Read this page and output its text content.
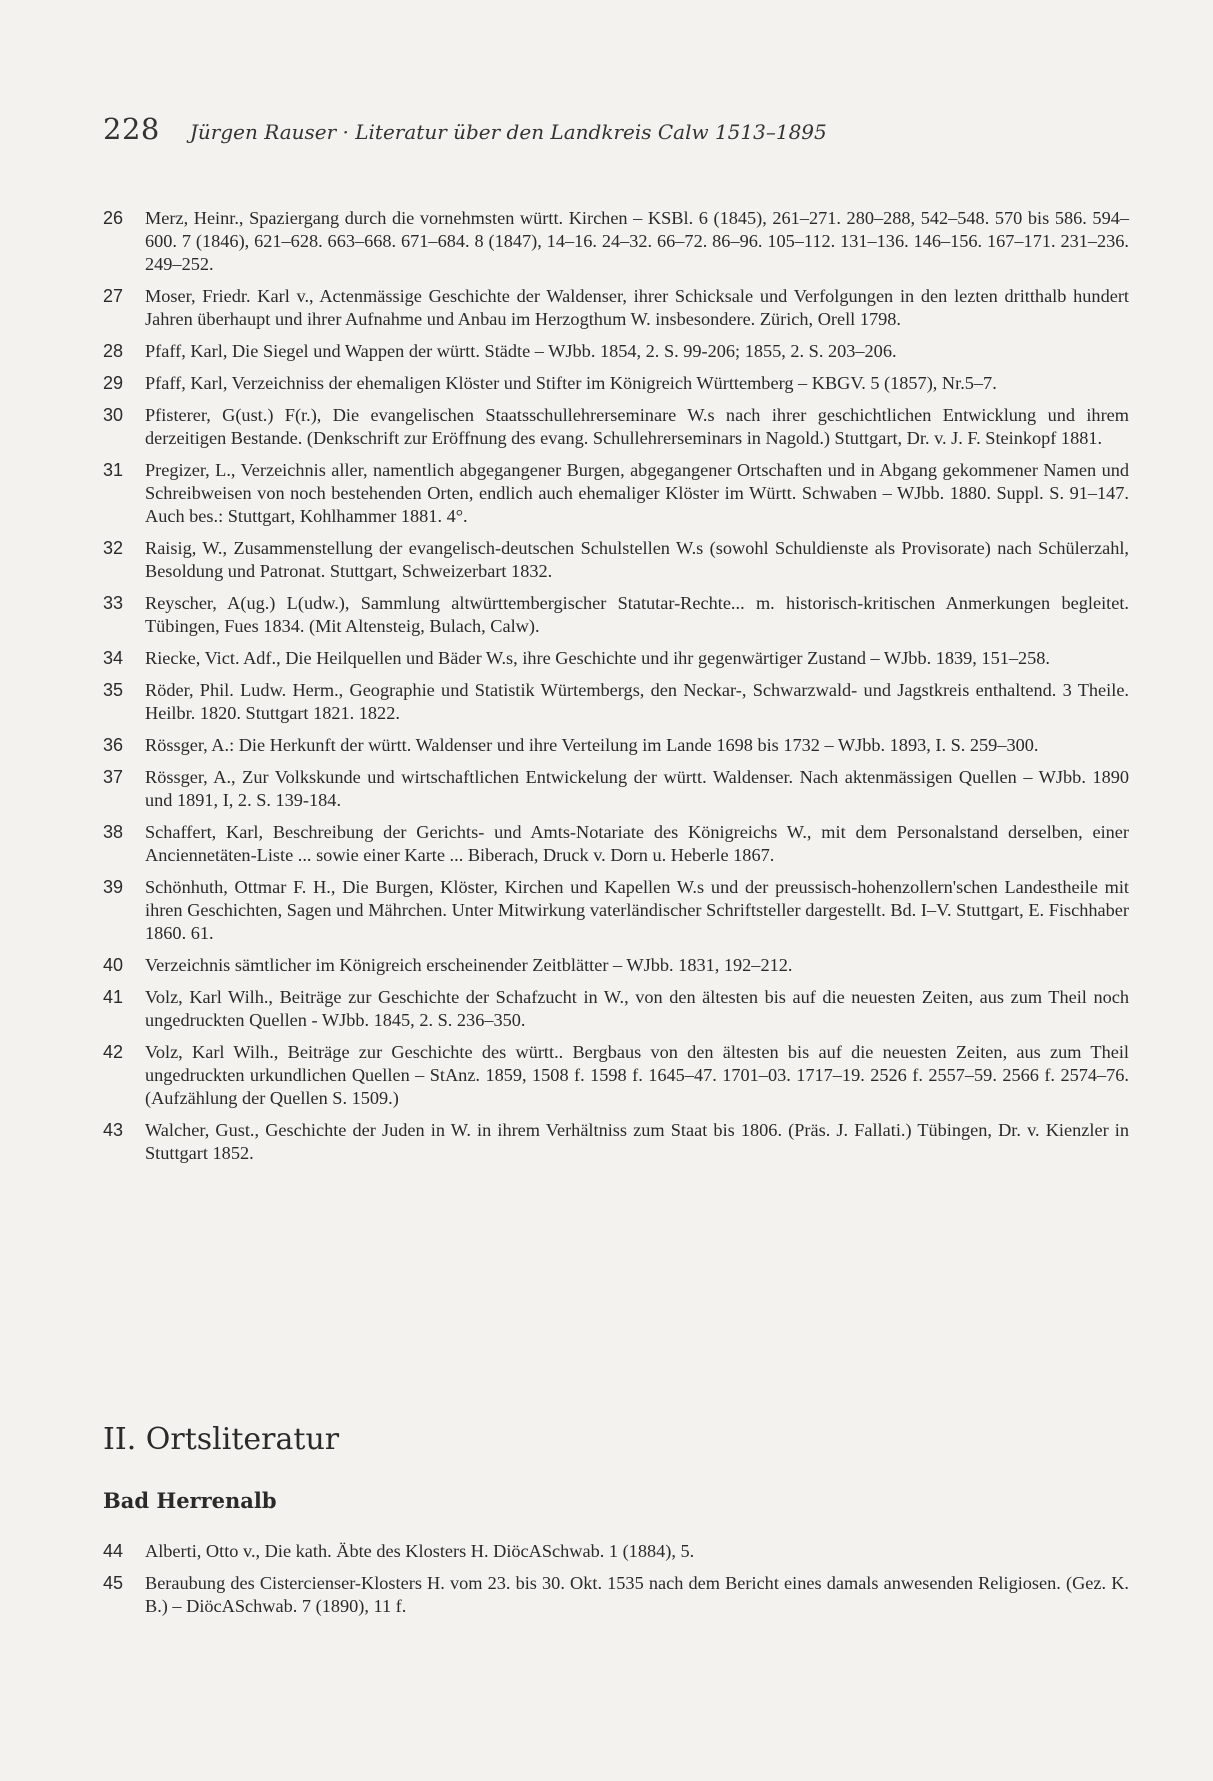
228 Jürgen Rauser · Literatur über den Landkreis Calw 1513–1895
26	Merz, Heinr., Spaziergang durch die vornehmsten württ. Kirchen – KSBl. 6 (1845), 261–271. 280–288, 542–548. 570 bis 586. 594–600. 7 (1846), 621–628. 663–668. 671–684. 8 (1847), 14–16. 24–32. 66–72. 86–96. 105–112. 131–136. 146–156. 167–171. 231–236. 249–252.
27	Moser, Friedr. Karl v., Actenmässige Geschichte der Waldenser, ihrer Schicksale und Verfolgungen in den lezten dritthalb hundert Jahren überhaupt und ihrer Aufnahme und Anbau im Herzogthum W. insbesondere. Zürich, Orell 1798.
28	Pfaff, Karl, Die Siegel und Wappen der württ. Städte – WJbb. 1854, 2. S. 99-206; 1855, 2. S. 203–206.
29	Pfaff, Karl, Verzeichniss der ehemaligen Klöster und Stifter im Königreich Württemberg – KBGV. 5 (1857), Nr.5–7.
30	Pfisterer, G(ust.) F(r.), Die evangelischen Staatsschullehrerseminare W.s nach ihrer geschichtlichen Entwicklung und ihrem derzeitigen Bestande. (Denkschrift zur Eröffnung des evang. Schullehrerseminars in Nagold.) Stuttgart, Dr. v. J. F. Steinkopf 1881.
31	Pregizer, L., Verzeichnis aller, namentlich abgegangener Burgen, abgegangener Ortschaften und in Abgang gekommener Namen und Schreibweisen von noch bestehenden Orten, endlich auch ehemaliger Klöster im Württ. Schwaben – WJbb. 1880. Suppl. S. 91–147. Auch bes.: Stuttgart, Kohlhammer 1881. 4°.
32	Raisig, W., Zusammenstellung der evangelisch-deutschen Schulstellen W.s (sowohl Schuldienste als Provisorate) nach Schülerzahl, Besoldung und Patronat. Stuttgart, Schweizerbart 1832.
33	Reyscher, A(ug.) L(udw.), Sammlung altwürttembergischer Statutar-Rechte... m. historisch-kritischen Anmerkungen begleitet. Tübingen, Fues 1834. (Mit Altensteig, Bulach, Calw).
34	Riecke, Vict. Adf., Die Heilquellen und Bäder W.s, ihre Geschichte und ihr gegenwärtiger Zustand – WJbb. 1839, 151–258.
35	Röder, Phil. Ludw. Herm., Geographie und Statistik Würtembergs, den Neckar-, Schwarzwald- und Jagstkreis enthaltend. 3 Theile. Heilbr. 1820. Stuttgart 1821. 1822.
36	Rössger, A.: Die Herkunft der württ. Waldenser und ihre Verteilung im Lande 1698 bis 1732 – WJbb. 1893, I. S. 259–300.
37	Rössger, A., Zur Volkskunde und wirtschaftlichen Entwickelung der württ. Waldenser. Nach aktenmässigen Quellen – WJbb. 1890 und 1891, I, 2. S. 139-184.
38	Schaffert, Karl, Beschreibung der Gerichts- und Amts-Notariate des Königreichs W., mit dem Personalstand derselben, einer Anciennetäten-Liste ... sowie einer Karte ... Biberach, Druck v. Dorn u. Heberle 1867.
39	Schönhuth, Ottmar F. H., Die Burgen, Klöster, Kirchen und Kapellen W.s und der preussisch-hohenzollern'schen Landestheile mit ihren Geschichten, Sagen und Mährchen. Unter Mitwirkung vaterländischer Schriftsteller dargestellt. Bd. I–V. Stuttgart, E. Fischhaber 1860. 61.
40	Verzeichnis sämtlicher im Königreich erscheinender Zeitblätter – WJbb. 1831, 192–212.
41	Volz, Karl Wilh., Beiträge zur Geschichte der Schafzucht in W., von den ältesten bis auf die neuesten Zeiten, aus zum Theil noch ungedruckten Quellen - WJbb. 1845, 2. S. 236–350.
42	Volz, Karl Wilh., Beiträge zur Geschichte des württ.. Bergbaus von den ältesten bis auf die neuesten Zeiten, aus zum Theil ungedruckten urkundlichen Quellen – StAnz. 1859, 1508 f. 1598 f. 1645–47. 1701–03. 1717–19. 2526 f. 2557–59. 2566 f. 2574–76. (Aufzählung der Quellen S. 1509.)
43	Walcher, Gust., Geschichte der Juden in W. in ihrem Verhältniss zum Staat bis 1806. (Präs. J. Fallati.) Tübingen, Dr. v. Kienzler in Stuttgart 1852.
II. Ortsliteratur
Bad Herrenalb
44	Alberti, Otto v., Die kath. Äbte des Klosters H. DiöcASchwab. 1 (1884), 5.
45	Beraubung des Cistercienser-Klosters H. vom 23. bis 30. Okt. 1535 nach dem Bericht eines damals anwesenden Religiosen. (Gez. K. B.) – DiöcASchwab. 7 (1890), 11 f.
